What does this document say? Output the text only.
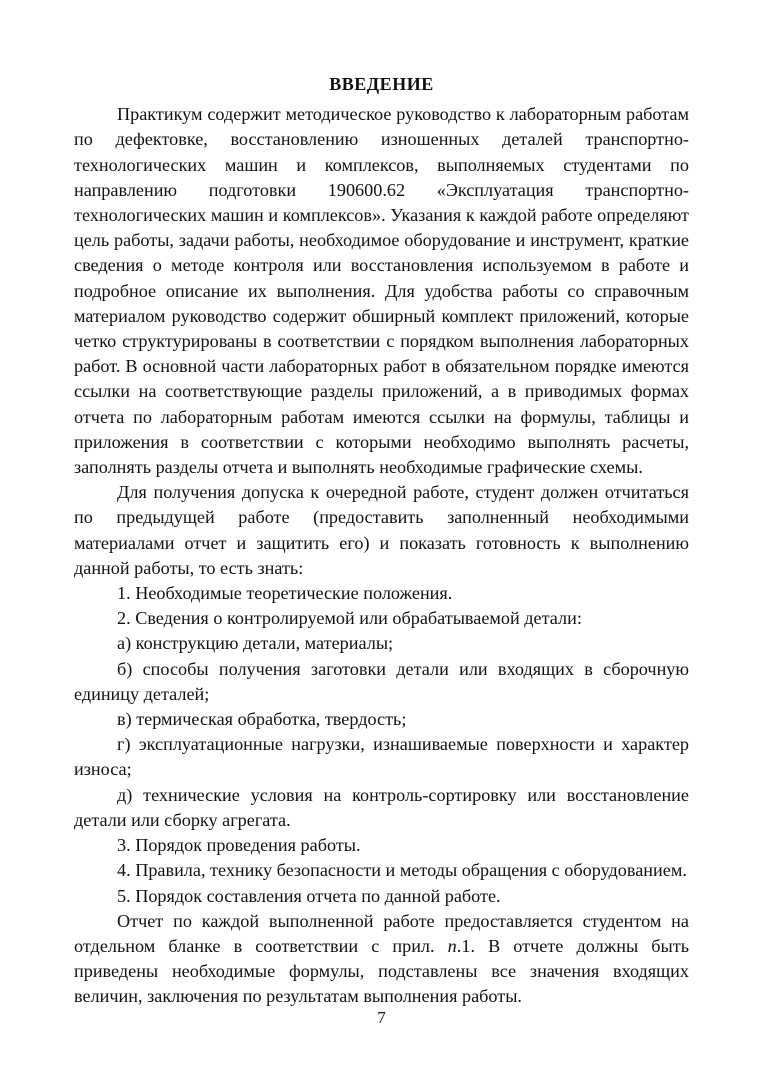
ВВЕДЕНИЕ

Практикум содержит методическое руководство к лабораторным работам по дефектовке, восстановлению изношенных деталей транспортно-технологических машин и комплексов, выполняемых студентами по направлению подготовки 190600.62 «Эксплуатация транспортно-технологических машин и комплексов». Указания к каждой работе определяют цель работы, задачи работы, необходимое оборудование и инструмент, краткие сведения о методе контроля или восстановления используемом в работе и подробное описание их выполнения. Для удобства работы со справочным материалом руководство содержит обширный комплект приложений, которые четко структурированы в соответствии с порядком выполнения лабораторных работ. В основной части лабораторных работ в обязательном порядке имеются ссылки на соответствующие разделы приложений, а в приводимых формах отчета по лабораторным работам имеются ссылки на формулы, таблицы и приложения в соответствии с которыми необходимо выполнять расчеты, заполнять разделы отчета и выполнять необходимые графические схемы.

Для получения допуска к очередной работе, студент должен отчитаться по предыдущей работе (предоставить заполненный необходимыми материалами отчет и защитить его) и показать готовность к выполнению данной работы, то есть знать:

1. Необходимые теоретические положения.

2. Сведения о контролируемой или обрабатываемой детали:

а) конструкцию детали, материалы;

б) способы получения заготовки детали или входящих в сборочную единицу деталей;

в) термическая обработка, твердость;

г) эксплуатационные нагрузки, изнашиваемые поверхности и характер износа;

д) технические условия на контроль-сортировку или восстановление детали или сборку агрегата.

3. Порядок проведения работы.

4. Правила, технику безопасности и методы обращения с оборудованием.

5. Порядок составления отчета по данной работе.

Отчет по каждой выполненной работе предоставляется студентом на отдельном бланке в соответствии с прил. п.1. В отчете должны быть приведены необходимые формулы, подставлены все значения входящих величин, заключения по результатам выполнения работы.

7
